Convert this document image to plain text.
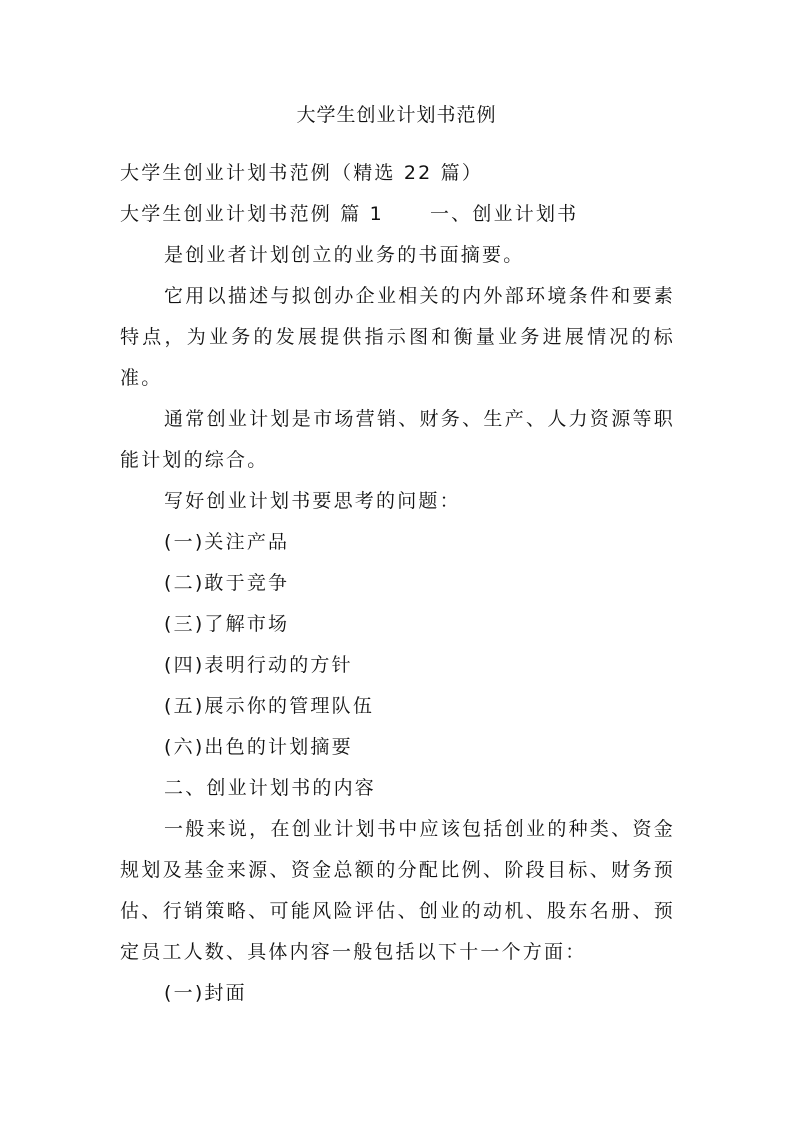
大学生创业计划书范例

大学生创业计划书范例（精选 22 篇）

大学生创业计划书范例 篇 1 一、创业计划书

是创业者计划创立的业务的书面摘要。

它用以描述与拟创办企业相关的内外部环境条件和要素特点，为业务的发展提供指示图和衡量业务进展情况的标准。

通常创业计划是市场营销、财务、生产、人力资源等职能计划的综合。

写好创业计划书要思考的问题：

(一)关注产品

(二)敢于竞争

(三)了解市场

(四)表明行动的方针

(五)展示你的管理队伍

(六)出色的计划摘要

二、创业计划书的内容

一般来说，在创业计划书中应该包括创业的种类、资金规划及基金来源、资金总额的分配比例、阶段目标、财务预估、行销策略、可能风险评估、创业的动机、股东名册、预定员工人数、具体内容一般包括以下十一个方面：

(一)封面
